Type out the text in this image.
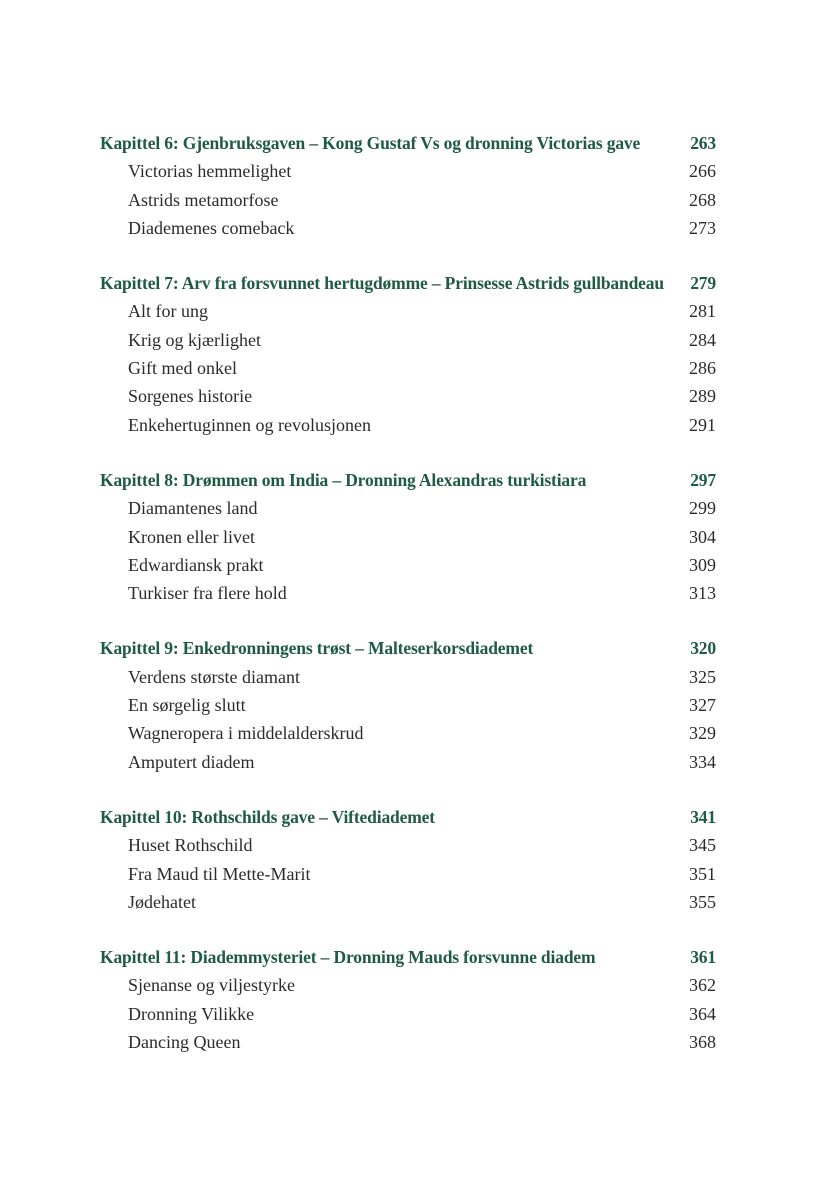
Kapittel 6: Gjenbruksgaven – Kong Gustaf Vs og dronning Victorias gave	263
Victorias hemmelighet	266
Astrids metamorfose	268
Diademenes comeback	273
Kapittel 7: Arv fra forsvunnet hertugdømme – Prinsesse Astrids gullbandeau 279
Alt for ung	281
Krig og kjærlighet	284
Gift med onkel	286
Sorgenes historie	289
Enkehertuginnen og revolusjonen	291
Kapittel 8: Drømmen om India – Dronning Alexandras turkistiara	297
Diamantenes land	299
Kronen eller livet	304
Edwardiansk prakt	309
Turkiser fra flere hold	313
Kapittel 9: Enkedronningens trøst – Malteserkorsdiademet	320
Verdens største diamant	325
En sørgelig slutt	327
Wagneropera i middelalderskrud	329
Amputert diadem	334
Kapittel 10: Rothschilds gave – Viftediademet	341
Huset Rothschild	345
Fra Maud til Mette-Marit	351
Jødehatet	355
Kapittel 11: Diademmysteriet – Dronning Mauds forsvunne diadem	361
Sjenanse og viljestyrke	362
Dronning Vilikke	364
Dancing Queen	368
